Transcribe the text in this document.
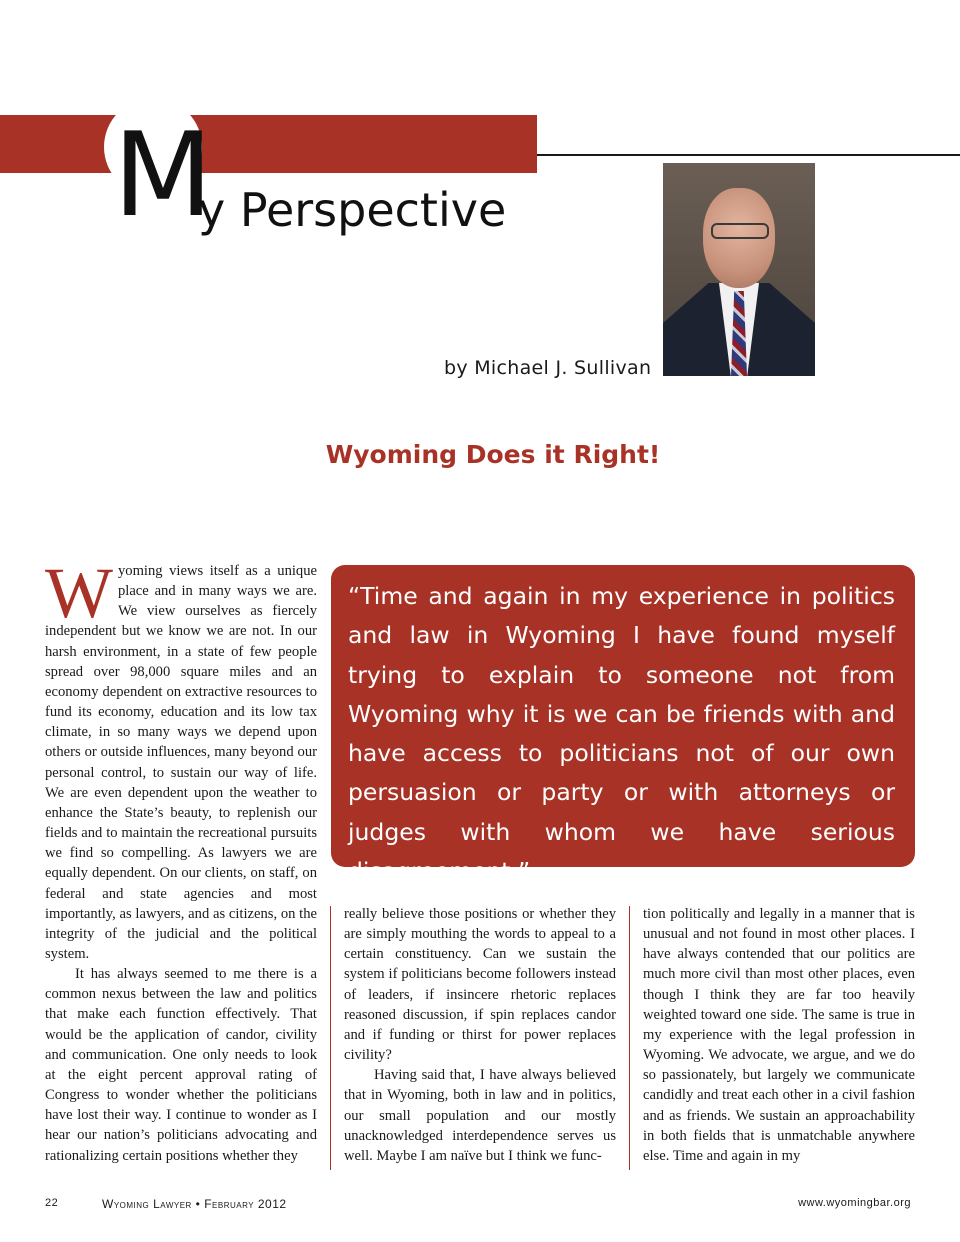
M
y Perspective
by Michael J. Sullivan
Wyoming Does it Right!
“Time and again in my experience in politics and law in Wyoming I have found myself trying to explain to someone not from Wyoming why it is we can be friends with and have access to politicians not of our own persuasion or party or with attorneys or judges with whom we have serious disagreement.”

Wyoming views itself as a unique place and in many ways we are. We view ourselves as fiercely independent but we know we are not. In our harsh environment, in a state of few people spread over 98,000 square miles and an economy dependent on extractive resources to fund its economy, education and its low tax climate, in so many ways we depend upon others or outside influences, many beyond our personal control, to sustain our way of life. We are even dependent upon the weather to enhance the State’s beauty, to replenish our fields and to maintain the recreational pursuits we find so compelling. As lawyers we are equally dependent. On our clients, on staff, on federal and state agencies and most importantly, as lawyers, and as citizens, on the integrity of the judicial and the political system.

It has always seemed to me there is a common nexus between the law and politics that make each function effectively. That would be the application of candor, civility and communication. One only needs to look at the eight percent approval rating of Congress to wonder whether the politicians have lost their way. I continue to wonder as I hear our nation’s politicians advocating and rationalizing certain positions whether they

really believe those positions or whether they are simply mouthing the words to appeal to a certain constituency. Can we sustain the system if politicians become followers instead of leaders, if insincere rhetoric replaces reasoned discussion, if spin replaces candor and if funding or thirst for power replaces civility?

Having said that, I have always believed that in Wyoming, both in law and in politics, our small population and our mostly unacknowledged interdependence serves us well. Maybe I am naïve but I think we func-

tion politically and legally in a manner that is unusual and not found in most other places. I have always contended that our politics are much more civil than most other places, even though I think they are far too heavily weighted toward one side. The same is true in my experience with the legal profession in Wyoming. We advocate, we argue, and we do so passionately, but largely we communicate candidly and treat each other in a civil fashion and as friends. We sustain an approachability in both fields that is unmatchable anywhere else. Time and again in my

22	Wyoming Lawyer • February 2012	www.wyomingbar.org
